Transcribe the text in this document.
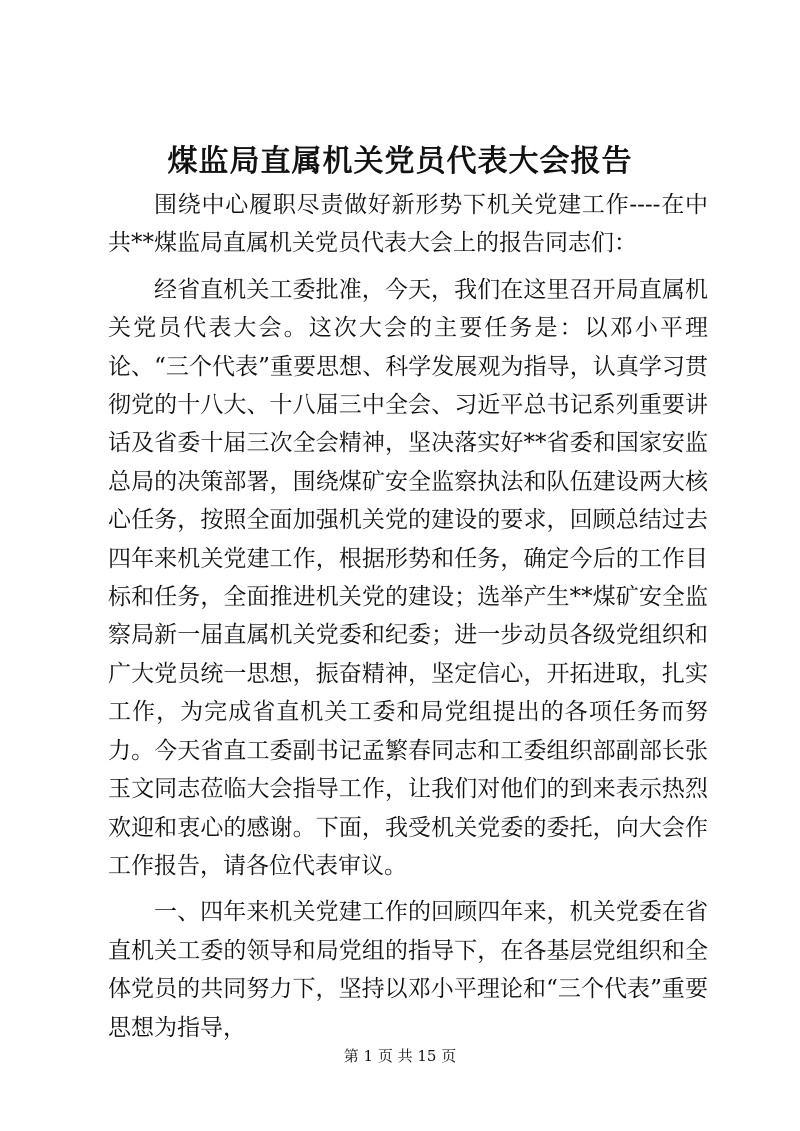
煤监局直属机关党员代表大会报告

围绕中心履职尽责做好新形势下机关党建工作----在中共**煤监局直属机关党员代表大会上的报告同志们：

经省直机关工委批准，今天，我们在这里召开局直属机关党员代表大会。这次大会的主要任务是：以邓小平理论、“三个代表”重要思想、科学发展观为指导，认真学习贯彻党的十八大、十八届三中全会、习近平总书记系列重要讲话及省委十届三次全会精神，坚决落实好**省委和国家安监总局的决策部署，围绕煤矿安全监察执法和队伍建设两大核心任务，按照全面加强机关党的建设的要求，回顾总结过去四年来机关党建工作，根据形势和任务，确定今后的工作目标和任务，全面推进机关党的建设；选举产生**煤矿安全监察局新一届直属机关党委和纪委；进一步动员各级党组织和广大党员统一思想，振奋精神，坚定信心，开拓进取，扎实工作，为完成省直机关工委和局党组提出的各项任务而努力。今天省直工委副书记孟繁春同志和工委组织部副部长张玉文同志莅临大会指导工作，让我们对他们的到来表示热烈欢迎和衷心的感谢。下面，我受机关党委的委托，向大会作工作报告，请各位代表审议。

一、四年来机关党建工作的回顾四年来，机关党委在省直机关工委的领导和局党组的指导下，在各基层党组织和全体党员的共同努力下，坚持以邓小平理论和“三个代表”重要思想为指导，

第 1 页 共 15 页
